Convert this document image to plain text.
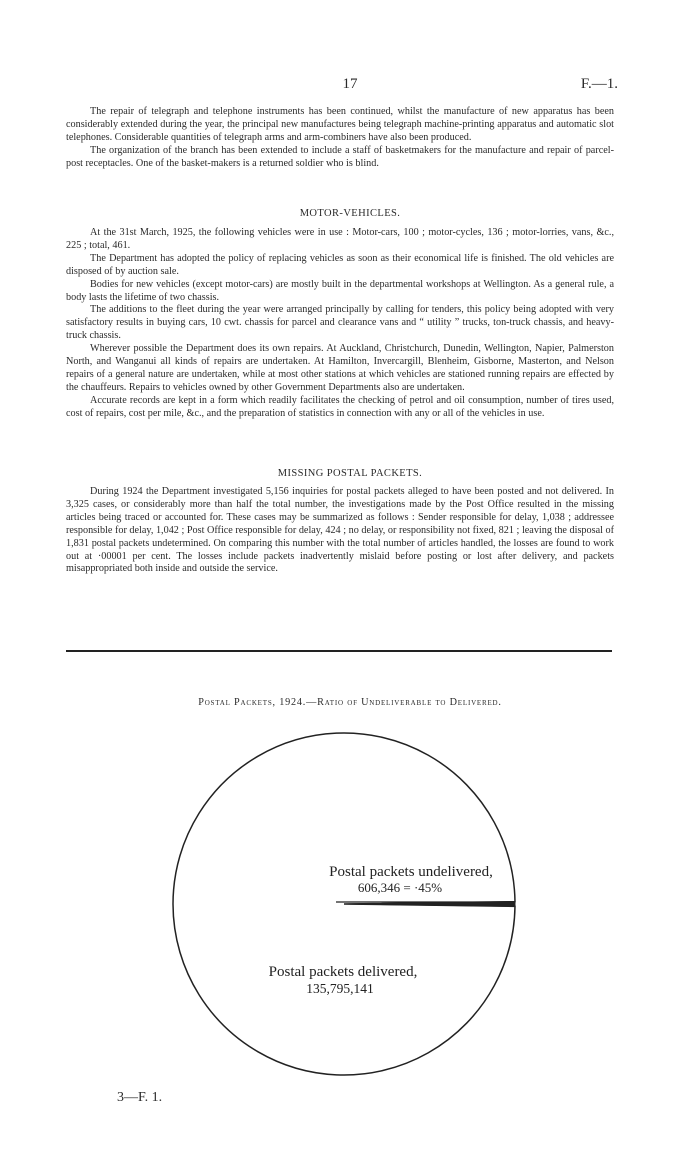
17	F.—1.

The repair of telegraph and telephone instruments has been continued, whilst the manufacture of new apparatus has been considerably extended during the year, the principal new manufactures being telegraph machine-printing apparatus and automatic slot telephones. Considerable quantities of telegraph arms and arm-combiners have also been produced.

The organization of the branch has been extended to include a staff of basketmakers for the manufacture and repair of parcel-post receptacles. One of the basket-makers is a returned soldier who is blind.

MOTOR-VEHICLES.

At the 31st March, 1925, the following vehicles were in use : Motor-cars, 100 ; motor-cycles, 136 ; motor-lorries, vans, &c., 225 ; total, 461.

The Department has adopted the policy of replacing vehicles as soon as their economical life is finished. The old vehicles are disposed of by auction sale.

Bodies for new vehicles (except motor-cars) are mostly built in the departmental workshops at Wellington. As a general rule, a body lasts the lifetime of two chassis.

The additions to the fleet during the year were arranged principally by calling for tenders, this policy being adopted with very satisfactory results in buying cars, 10 cwt. chassis for parcel and clearance vans and “ utility ” trucks, ton-truck chassis, and heavy-truck chassis.

Wherever possible the Department does its own repairs. At Auckland, Christchurch, Dunedin, Wellington, Napier, Palmerston North, and Wanganui all kinds of repairs are undertaken. At Hamilton, Invercargill, Blenheim, Gisborne, Masterton, and Nelson repairs of a general nature are undertaken, while at most other stations at which vehicles are stationed running repairs are effected by the chauffeurs. Repairs to vehicles owned by other Government Departments also are undertaken.

Accurate records are kept in a form which readily facilitates the checking of petrol and oil consumption, number of tires used, cost of repairs, cost per mile, &c., and the preparation of statistics in connection with any or all of the vehicles in use.

MISSING POSTAL PACKETS.

During 1924 the Department investigated 5,156 inquiries for postal packets alleged to have been posted and not delivered. In 3,325 cases, or considerably more than half the total number, the investigations made by the Post Office resulted in the missing articles being traced or accounted for. These cases may be summarized as follows : Sender responsible for delay, 1,038 ; addressee responsible for delay, 1,042 ; Post Office responsible for delay, 424 ; no delay, or responsibility not fixed, 821 ; leaving the disposal of 1,831 postal packets undetermined. On comparing this number with the total number of articles handled, the losses are found to work out at ·00001 per cent. The losses include packets inadvertently mislaid before posting or lost after delivery, and packets misappropriated both inside and outside the service.

Postal Packets, 1924.—Ratio of Undeliverable to Delivered.
Postal packets undelivered,
606,346 = ·45%
Postal packets delivered,
135,795,141
3—F. 1.
